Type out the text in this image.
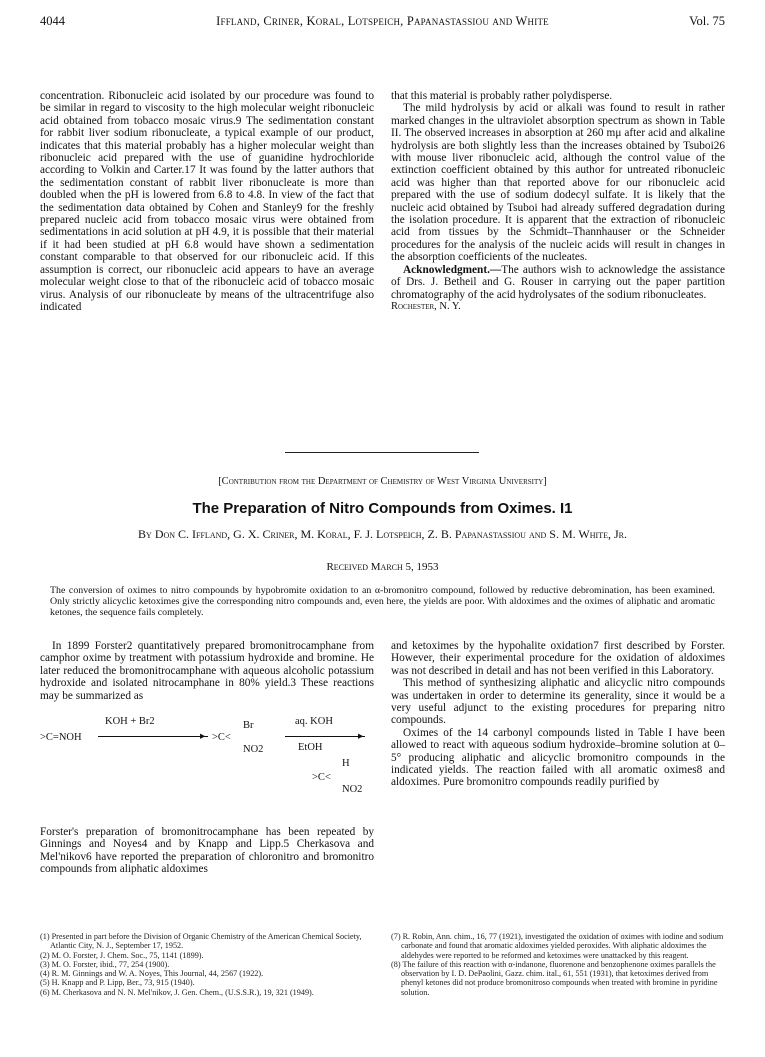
4044	Iffland, Criner, Koral, Lotspeich, Papanastassiou and White	Vol. 75

concentration. Ribonucleic acid isolated by our procedure was found to be similar in regard to viscosity to the high molecular weight ribonucleic acid obtained from tobacco mosaic virus.9 The sedimentation constant for rabbit liver sodium ribonucleate, a typical example of our product, indicates that this material probably has a higher molecular weight than ribonucleic acid prepared with the use of guanidine hydrochloride according to Volkin and Carter.17 It was found by the latter authors that the sedimentation constant of rabbit liver ribonucleate is more than doubled when the pH is lowered from 6.8 to 4.8. In view of the fact that the sedimentation data obtained by Cohen and Stanley9 for the freshly prepared nucleic acid from tobacco mosaic virus were obtained from sedimentations in acid solution at pH 4.9, it is possible that their material if it had been studied at pH 6.8 would have shown a sedimentation constant comparable to that observed for our ribonucleic acid. If this assumption is correct, our ribonucleic acid appears to have an average molecular weight close to that of the ribonucleic acid of tobacco mosaic virus. Analysis of our ribonucleate by means of the ultracentrifuge also indicated

that this material is probably rather polydisperse.

The mild hydrolysis by acid or alkali was found to result in rather marked changes in the ultraviolet absorption spectrum as shown in Table II. The observed increases in absorption at 260 mμ after acid and alkaline hydrolysis are both slightly less than the increases obtained by Tsuboi26 with mouse liver ribonucleic acid, although the control value of the extinction coefficient obtained by this author for untreated ribonucleic acid was higher than that reported above for our ribonucleic acid prepared with the use of sodium dodecyl sulfate. It is likely that the nucleic acid obtained by Tsuboi had already suffered degradation during the isolation procedure. It is apparent that the extraction of ribonucleic acid from tissues by the Schmidt–Thannhauser or the Schneider procedures for the analysis of the nucleic acids will result in changes in the absorption coefficients of the nucleates.

Acknowledgment.—The authors wish to acknowledge the assistance of Drs. J. Betheil and G. Rouser in carrying out the paper partition chromatography of the acid hydrolysates of the sodium ribonucleates.

Rochester, N. Y.

[Contribution from the Department of Chemistry of West Virginia University]
The Preparation of Nitro Compounds from Oximes. I1
By Don C. Iffland, G. X. Criner, M. Koral, F. J. Lotspeich, Z. B. Papanastassiou and S. M. White, Jr.
Received March 5, 1953
The conversion of oximes to nitro compounds by hypobromite oxidation to an α-bromonitro compound, followed by reductive debromination, has been examined. Only strictly alicyclic ketoximes give the corresponding nitro compounds and, even here, the yields are poor. With aldoximes and the oximes of aliphatic and aromatic ketones, the sequence fails completely.

In 1899 Forster2 quantitatively prepared bromonitrocamphane from camphor oxime by treatment with potassium hydroxide and bromine. He later reduced the bromonitrocamphane with aqueous alcoholic potassium hydroxide and isolated nitrocamphane in 80% yield.3 These reactions may be summarized as

>C=NOH
KOH + Br2
▸ >C<
Br
NO2
aq. KOH
▸
EtOH
>C<
H
NO2

Forster's preparation of bromonitrocamphane has been repeated by Ginnings and Noyes4 and by Knapp and Lipp.5 Cherkasova and Mel'nikov6 have reported the preparation of chloronitro and bromonitro compounds from aliphatic aldoximes

and ketoximes by the hypohalite oxidation7 first described by Forster. However, their experimental procedure for the oxidation of aldoximes was not described in detail and has not been verified in this Laboratory.

This method of synthesizing aliphatic and alicyclic nitro compounds was undertaken in order to determine its generality, since it would be a very useful adjunct to the existing procedures for preparing nitro compounds.

Oximes of the 14 carbonyl compounds listed in Table I have been allowed to react with aqueous sodium hydroxide–bromine solution at 0–5° producing aliphatic and alicyclic bromonitro compounds in the indicated yields. The reaction failed with all aromatic oximes8 and aldoximes. Pure bromonitro compounds readily purified by

(1) Presented in part before the Division of Organic Chemistry of the American Chemical Society, Atlantic City, N. J., September 17, 1952.
(2) M. O. Forster, J. Chem. Soc., 75, 1141 (1899).
(3) M. O. Forster, ibid., 77, 254 (1900).
(4) R. M. Ginnings and W. A. Noyes, This Journal, 44, 2567 (1922).
(5) H. Knapp and P. Lipp, Ber., 73, 915 (1940).
(6) M. Cherkasova and N. N. Mel'nikov, J. Gen. Chem., (U.S.S.R.), 19, 321 (1949).
(7) R. Robin, Ann. chim., 16, 77 (1921), investigated the oxidation of oximes with iodine and sodium carbonate and found that aromatic aldoximes yielded peroxides. With aliphatic aldoximes the aldehydes were reported to be reformed and ketoximes were unattacked by this reagent.
(8) The failure of this reaction with α-indanone, fluorenone and benzophenone oximes parallels the observation by I. D. DePaolini, Gazz. chim. ital., 61, 551 (1931), that ketoximes derived from phenyl ketones did not produce bromonitroso compounds when treated with bromine in pyridine solution.
